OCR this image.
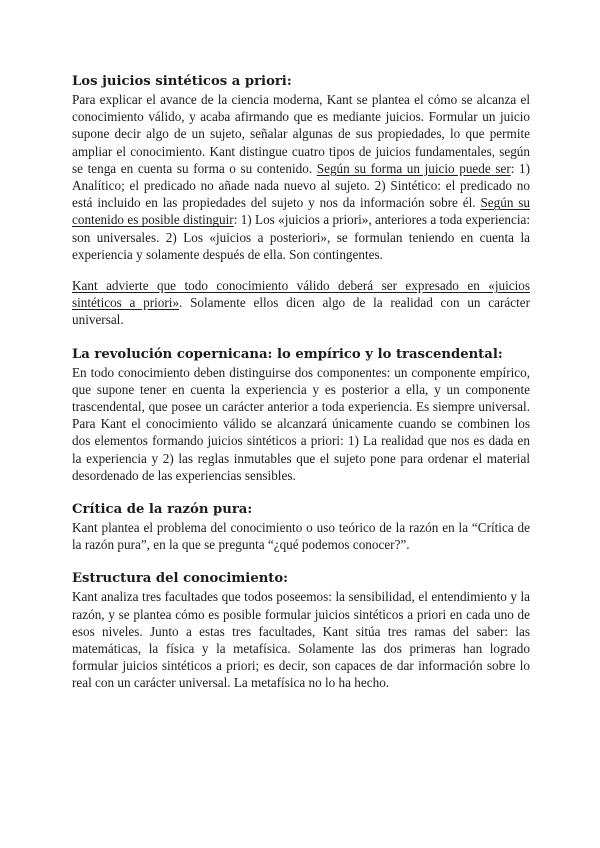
Los juicios sintéticos a priori:

Para explicar el avance de la ciencia moderna, Kant se plantea el cómo se alcanza el conocimiento válido, y acaba afirmando que es mediante juicios. Formular un juicio supone decir algo de un sujeto, señalar algunas de sus propiedades, lo que permite ampliar el conocimiento. Kant distingue cuatro tipos de juicios fundamentales, según se tenga en cuenta su forma o su contenido. Según su forma un juicio puede ser: 1) Analítico; el predicado no añade nada nuevo al sujeto. 2) Sintético: el predicado no está incluido en las propiedades del sujeto y nos da información sobre él. Según su contenido es posible distinguir: 1) Los «juicios a priori», anteriores a toda experiencia: son universales. 2) Los «juicios a posteriori», se formulan teniendo en cuenta la experiencia y solamente después de ella. Son contingentes.

Kant advierte que todo conocimiento válido deberá ser expresado en «juicios sintéticos a priori». Solamente ellos dicen algo de la realidad con un carácter universal.

La revolución copernicana: lo empírico y lo trascendental:

En todo conocimiento deben distinguirse dos componentes: un componente empírico, que supone tener en cuenta la experiencia y es posterior a ella, y un componente trascendental, que posee un carácter anterior a toda experiencia. Es siempre universal. Para Kant el conocimiento válido se alcanzará únicamente cuando se combinen los dos elementos formando juicios sintéticos a priori: 1) La realidad que nos es dada en la experiencia y 2) las reglas inmutables que el sujeto pone para ordenar el material desordenado de las experiencias sensibles.

Crítica de la razón pura:

Kant plantea el problema del conocimiento o uso teórico de la razón en la “Crítica de la razón pura”, en la que se pregunta “¿qué podemos conocer?”.

Estructura del conocimiento:

Kant analiza tres facultades que todos poseemos: la sensibilidad, el entendimiento y la razón, y se plantea cómo es posible formular juicios sintéticos a priori en cada uno de esos niveles. Junto a estas tres facultades, Kant sitúa tres ramas del saber: las matemáticas, la física y la metafísica. Solamente las dos primeras han logrado formular juicios sintéticos a priori; es decir, son capaces de dar información sobre lo real con un carácter universal. La metafísica no lo ha hecho.
